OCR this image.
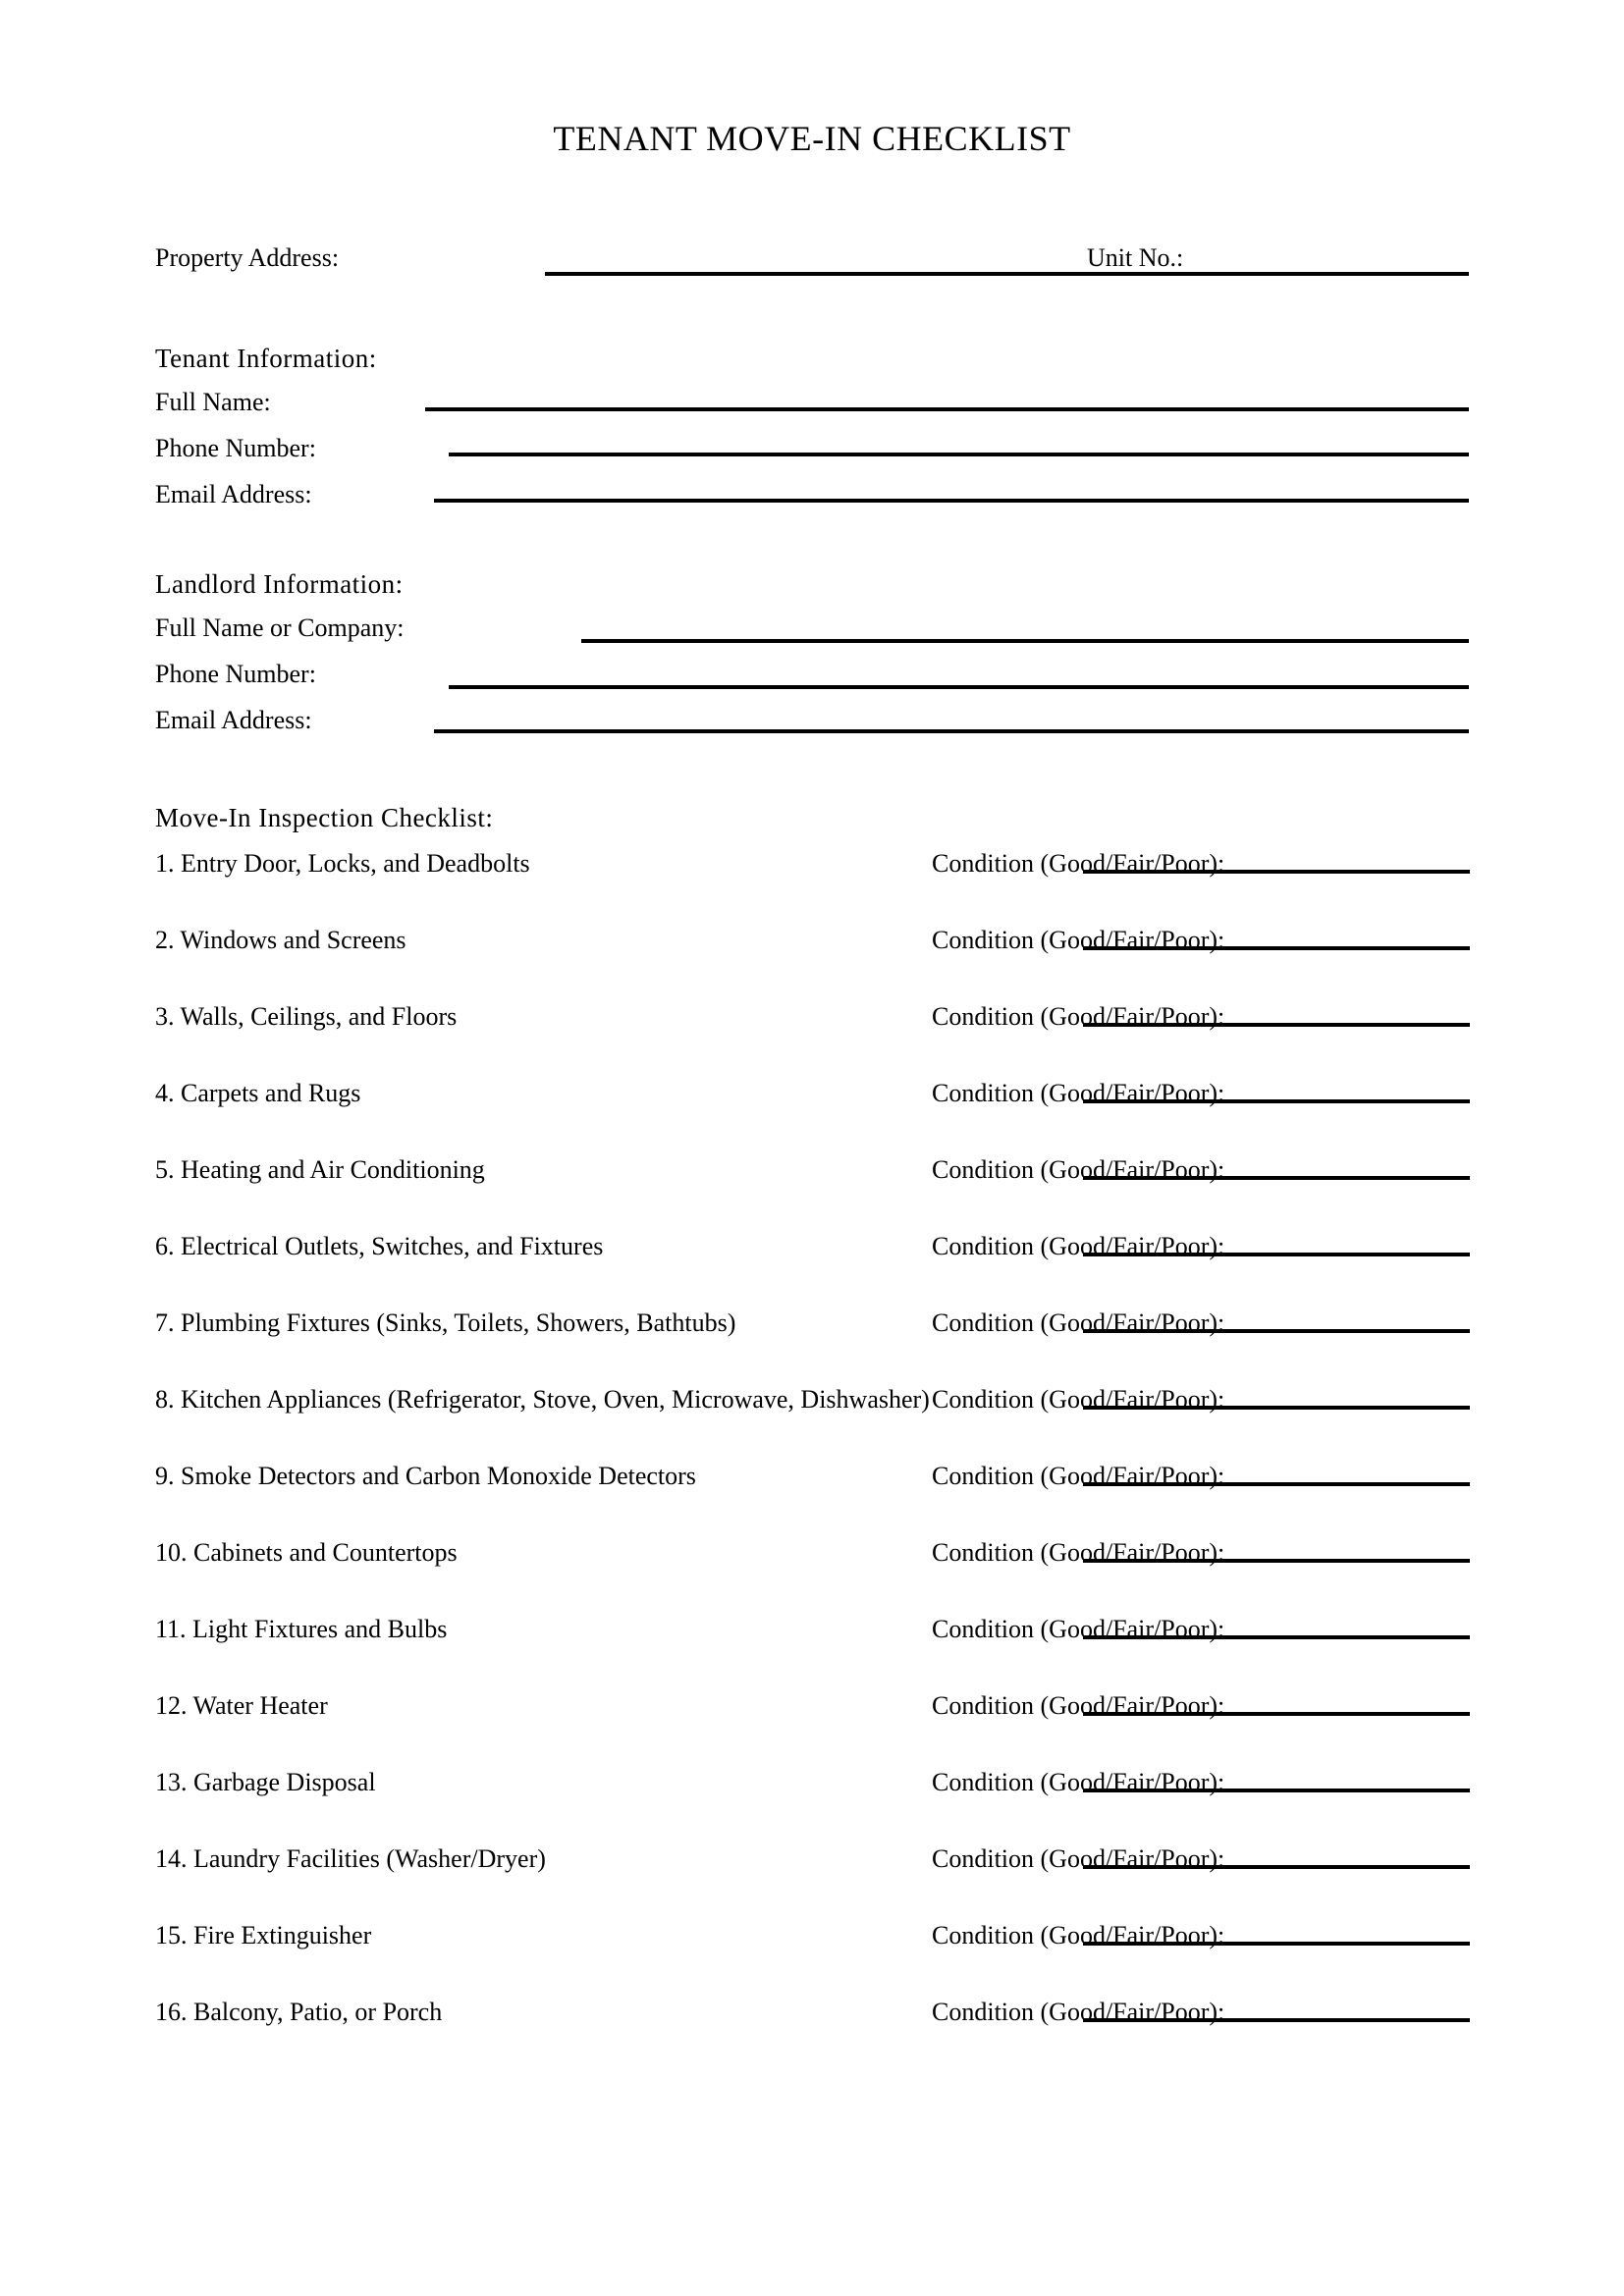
TENANT MOVE-IN CHECKLIST
Property Address:	Unit No.:
Tenant Information:
Full Name:
Phone Number:
Email Address:
Landlord Information:
Full Name or Company:
Phone Number:
Email Address:
Move-In Inspection Checklist:
1. Entry Door, Locks, and Deadbolts	Condition (Good/Fair/Poor):
2. Windows and Screens	Condition (Good/Fair/Poor):
3. Walls, Ceilings, and Floors	Condition (Good/Fair/Poor):
4. Carpets and Rugs	Condition (Good/Fair/Poor):
5. Heating and Air Conditioning	Condition (Good/Fair/Poor):
6. Electrical Outlets, Switches, and Fixtures	Condition (Good/Fair/Poor):
7. Plumbing Fixtures (Sinks, Toilets, Showers, Bathtubs)	Condition (Good/Fair/Poor):
8. Kitchen Appliances (Refrigerator, Stove, Oven, Microwave, Dishwasher) Condition (Good/Fair/Poor):
9. Smoke Detectors and Carbon Monoxide Detectors	Condition (Good/Fair/Poor):
10. Cabinets and Countertops	Condition (Good/Fair/Poor):
11. Light Fixtures and Bulbs	Condition (Good/Fair/Poor):
12. Water Heater	Condition (Good/Fair/Poor):
13. Garbage Disposal	Condition (Good/Fair/Poor):
14. Laundry Facilities (Washer/Dryer)	Condition (Good/Fair/Poor):
15. Fire Extinguisher	Condition (Good/Fair/Poor):
16. Balcony, Patio, or Porch	Condition (Good/Fair/Poor):
